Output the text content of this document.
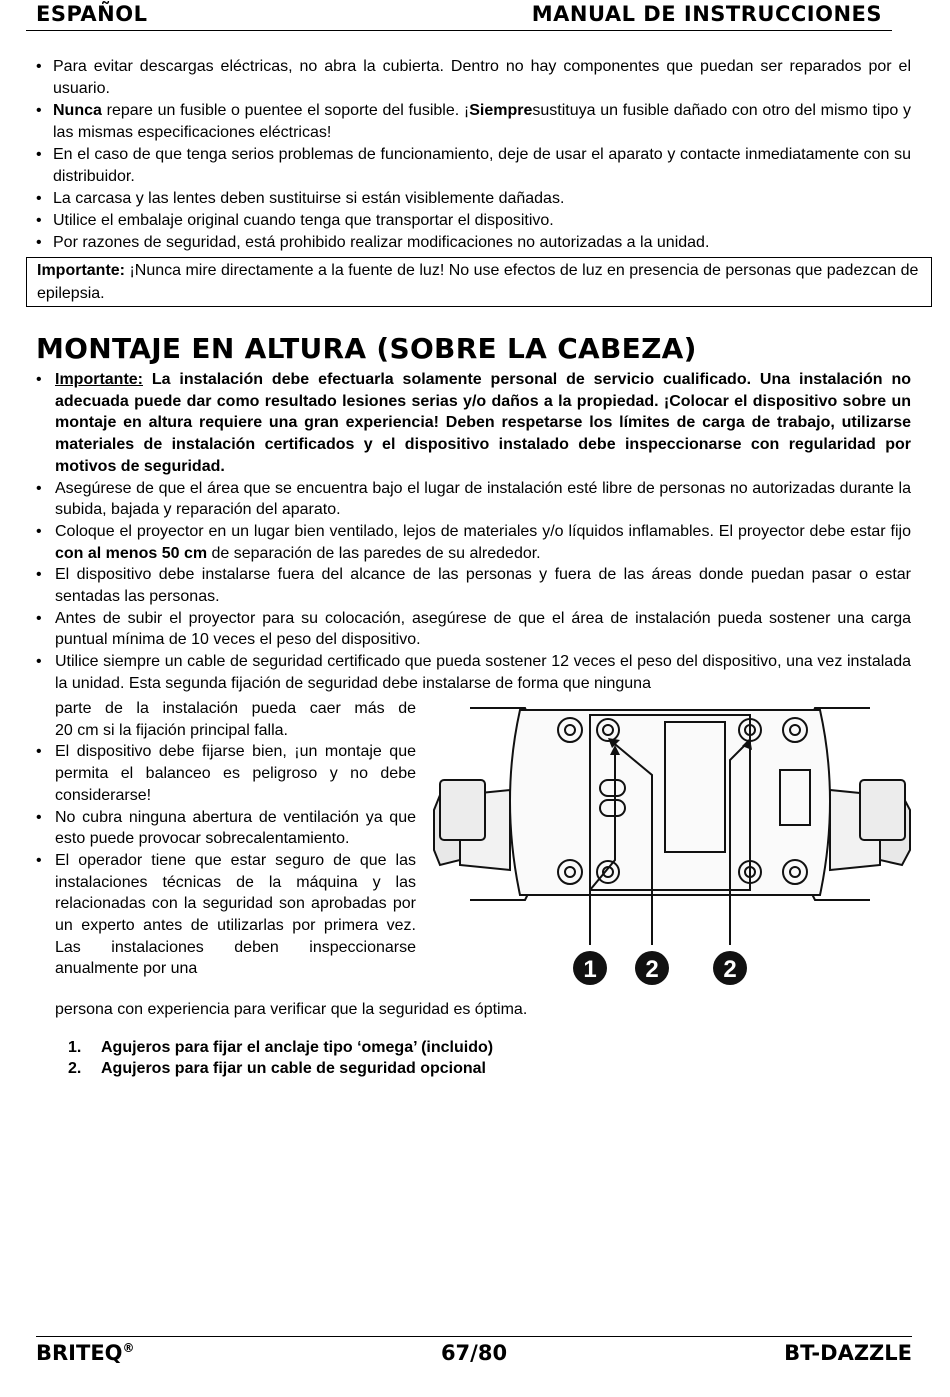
ESPAÑOL	MANUAL DE INSTRUCCIONES
• Para evitar descargas eléctricas, no abra la cubierta. Dentro no hay componentes que puedan ser reparados por el usuario.
• Nunca repare un fusible o puentee el soporte del fusible. ¡Siempresustituya un fusible dañado con otro del mismo tipo y las mismas especificaciones eléctricas!
• En el caso de que tenga serios problemas de funcionamiento, deje de usar el aparato y contacte inmediatamente con su distribuidor.
• La carcasa y las lentes deben sustituirse si están visiblemente dañadas.
• Utilice el embalaje original cuando tenga que transportar el dispositivo.
• Por razones de seguridad, está prohibido realizar modificaciones no autorizadas a la unidad.
Importante: ¡Nunca mire directamente a la fuente de luz! No use efectos de luz en presencia de personas que padezcan de epilepsia.
MONTAJE EN ALTURA (SOBRE LA CABEZA)
• Importante: La instalación debe efectuarla solamente personal de servicio cualificado. Una instalación no adecuada puede dar como resultado lesiones serias y/o daños a la propiedad. ¡Colocar el dispositivo sobre un montaje en altura requiere una gran experiencia! Deben respetarse los límites de carga de trabajo, utilizarse materiales de instalación certificados y el dispositivo instalado debe inspeccionarse con regularidad por motivos de seguridad.
• Asegúrese de que el área que se encuentra bajo el lugar de instalación esté libre de personas no autorizadas durante la subida, bajada y reparación del aparato.
• Coloque el proyector en un lugar bien ventilado, lejos de materiales y/o líquidos inflamables. El proyector debe estar fijo con al menos 50 cm de separación de las paredes de su alrededor.
• El dispositivo debe instalarse fuera del alcance de las personas y fuera de las áreas donde puedan pasar o estar sentadas las personas.
• Antes de subir el proyector para su colocación, asegúrese de que el área de instalación pueda sostener una carga puntual mínima de 10 veces el peso del dispositivo.
• Utilice siempre un cable de seguridad certificado que pueda sostener 12 veces el peso del dispositivo, una vez instalada la unidad. Esta segunda fijación de seguridad debe instalarse de forma que ninguna
parte de la instalación pueda caer más de
20 cm si la fijación principal falla.
• El dispositivo debe fijarse bien, ¡un montaje que permita el balanceo es peligroso y no debe considerarse!
• No cubra ninguna abertura de ventilación ya que esto puede provocar sobrecalentamiento.
• El operador tiene que estar seguro de que las instalaciones técnicas de la máquina y las relacionadas con la seguridad son aprobadas por un experto antes de utilizarlas por primera vez. Las instalaciones deben inspeccionarse anualmente por una
persona con experiencia para verificar que la seguridad es óptima.
1 2	2
1. Agujeros para fijar el anclaje tipo ‘omega’ (incluido)
2. Agujeros para fijar un cable de seguridad opcional
BRITEQ®	67/80	BT-DAZZLE
